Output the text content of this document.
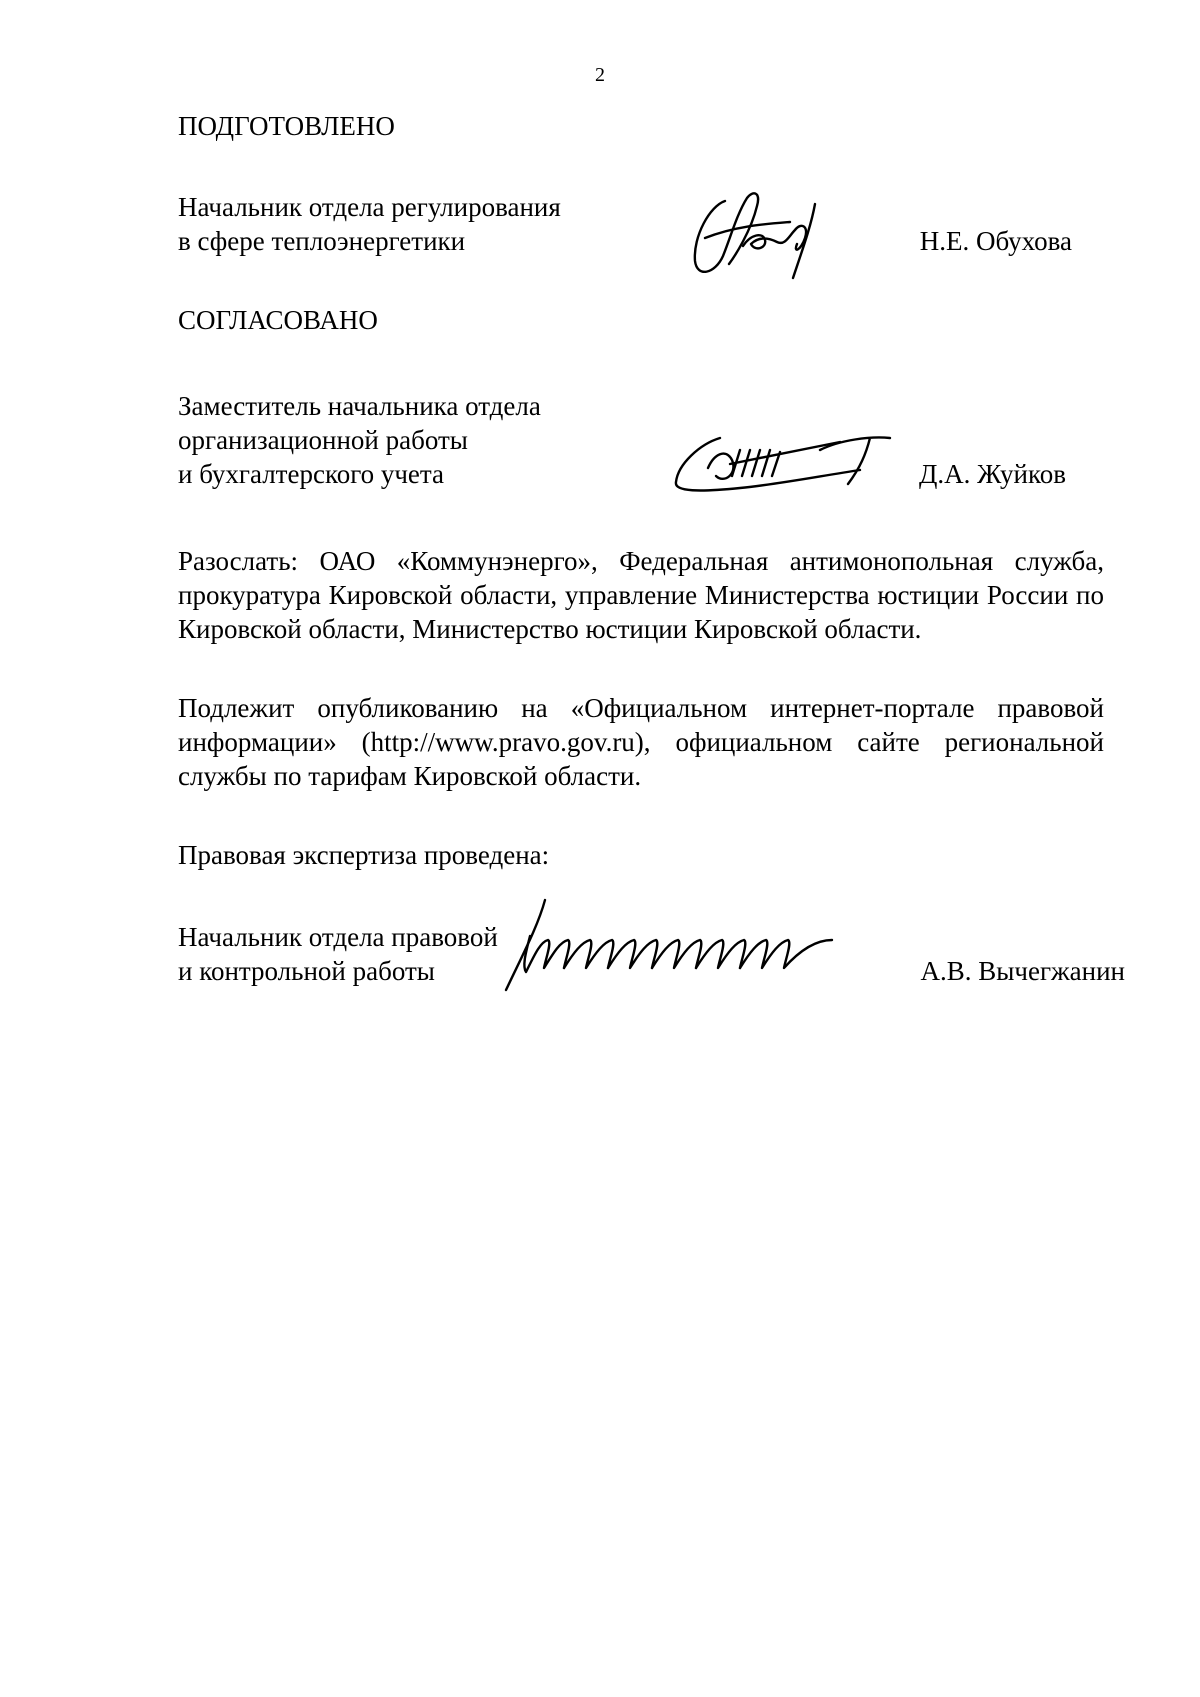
2
ПОДГОТОВЛЕНО
Начальник отдела регулирования
в сфере теплоэнергетики	Н.Е. Обухова
СОГЛАСОВАНО
Заместитель начальника отдела
организационной работы
и бухгалтерского учета	Д.А. Жуйков

Разослать: ОАО «Коммунэнерго», Федеральная антимонопольная служба, прокуратура Кировской области, управление Министерства юстиции России по Кировской области, Министерство юстиции Кировской области.

Подлежит опубликованию на «Официальном интернет-портале правовой информации» (http://www.pravo.gov.ru), официальном сайте региональной службы по тарифам Кировской области.

Правовая экспертиза проведена:
Начальник отдела правовой
и контрольной работы	А.В. Вычегжанин
